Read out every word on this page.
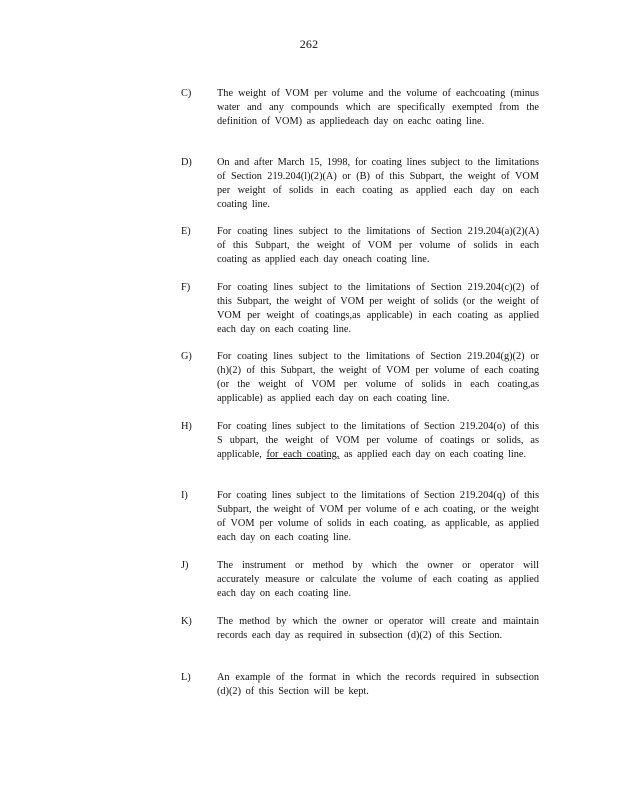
262
C) The weight of VOM per volume and the volume of eachcoating (minus water and any compounds which are specifically exempted from the definition of VOM) as appliedeach day on eachc oating line.
D) On and after March 15, 1998, for coating lines subject to the limitations of Section 219.204(l)(2)(A) or (B) of this Subpart, the weight of VOM per weight of solids in each coating as applied each day on each coating line.
E)	For coating lines subject to the limitations of Section 219.204(a)(2)(A) of this Subpart, the weight of VOM per volume of solids in each coating as applied each day oneach coating line.
F)	For coating lines subject to the limitations of Section 219.204(c)(2) of this Subpart, the weight of VOM per weight of solids (or the weight of VOM per weight of coatings,as applicable) in each coating as applied each day on each coating line.
G) For coating lines subject to the limitations of Section 219.204(g)(2) or (h)(2) of this Subpart, the weight of VOM per volume of each coating (or the weight of VOM per volume of solids in each coating,as applicable) as applied each day on each coating line.
H) For coating lines subject to the limitations of Section 219.204(o) of this S ubpart, the weight of VOM per volume of coatings or solids, as applicable, for each coating, as applied each day on each coating line.
I)	For coating lines subject to the limitations of Section 219.204(q) of this Subpart, the weight of VOM per volume of e ach coating, or the weight of VOM per volume of solids in each coating, as applicable, as applied each day on each coating line.
J)	The instrument or method by which the owner or operator will accurately measure or calculate the volume of each coating as applied each day on each coating line.
K) The method by which the owner or operator will create and maintain records each day as required in subsection (d)(2) of this Section.
L)	An example of the format in which the records required in subsection (d)(2) of this Section will be kept.
